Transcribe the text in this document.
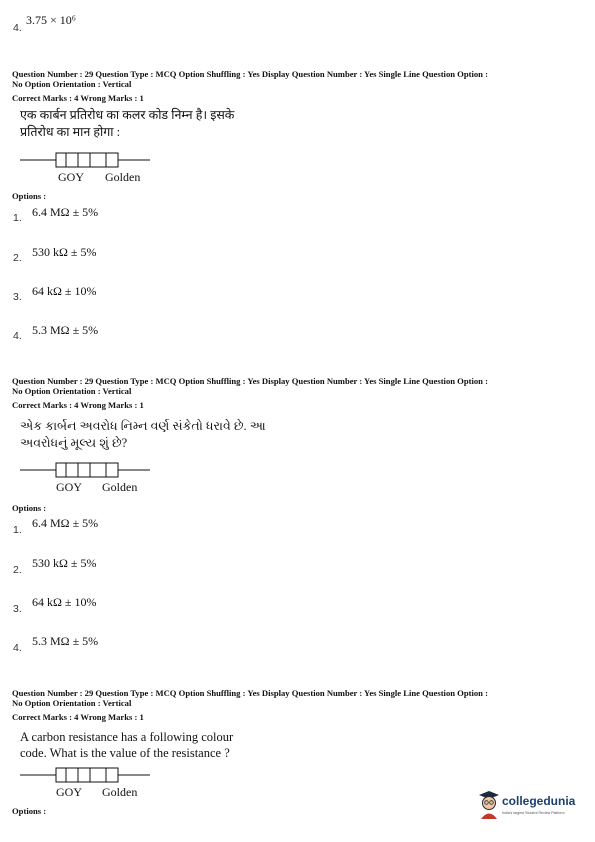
4.
3.75 × 10⁶
Question Number : 29 Question Type : MCQ Option Shuffling : Yes Display Question Number : Yes Single Line Question Option :
No Option Orientation : Vertical
Correct Marks : 4 Wrong Marks : 1
एक कार्बन प्रतिरोध का कलर कोड निम्न है। इसके
प्रतिरोध का मान होगा :
GOY Golden
Options :
1. 6.4 MΩ ± 5%
2. 530 kΩ ± 5%
3. 64 kΩ ± 10%
4. 5.3 MΩ ± 5%
Question Number : 29 Question Type : MCQ Option Shuffling : Yes Display Question Number : Yes Single Line Question Option :
No Option Orientation : Vertical
Correct Marks : 4 Wrong Marks : 1
એક કાર્બન અવરોધ નિમ્ન વર્ણ સંકેતો ધરાવે છે. આ
અવરોધનું મૂલ્ય શું છે?
GOY Golden
Options :
1. 6.4 MΩ ± 5%
2. 530 kΩ ± 5%
3. 64 kΩ ± 10%
4. 5.3 MΩ ± 5%
Question Number : 29 Question Type : MCQ Option Shuffling : Yes Display Question Number : Yes Single Line Question Option :
No Option Orientation : Vertical
Correct Marks : 4 Wrong Marks : 1
A carbon resistance has a following colour
code. What is the value of the resistance ?
GOY Golden
Options :
collegedunia
India's largest Student Review Platform
